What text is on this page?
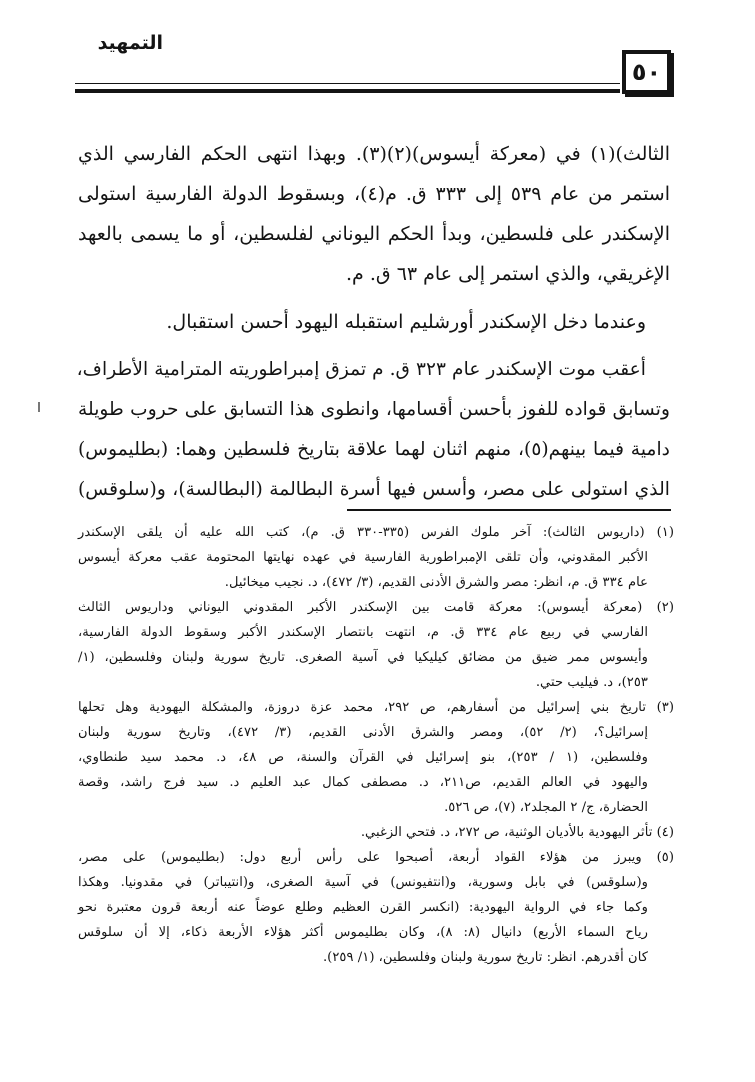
التمهيد
٥٠
الثالث)(١) في (معركة أيسوس)(٢)(٣). وبهذا انتهى الحكم الفارسي الذي
استمر من عام ٥٣٩ إلى ٣٣٣ ق. م(٤)، وبسقوط الدولة الفارسية استولى
الإسكندر على فلسطين، وبدأ الحكم اليوناني لفلسطين، أو ما يسمى بالعهد
الإغريقي، والذي استمر إلى عام ٦٣ ق. م.
وعندما دخل الإسكندر أورشليم استقبله اليهود أحسن استقبال.
أعقب موت الإسكندر عام ٣٢٣ ق. م تمزق إمبراطوريته المترامية الأطراف،
وتسابق قواده للفوز بأحسن أقسامها، وانطوى هذا التسابق على حروب طويلة
دامية فيما بينهم(٥)، منهم اثنان لهما علاقة بتاريخ فلسطين وهما: (بطليموس)
الذي استولى على مصر، وأسس فيها أسرة البطالمة (البطالسة)، و(سلوقس)
(١) (داريوس الثالث): آخر ملوك الفرس (٣٣٥-٣٣٠ ق. م)، كتب الله عليه أن يلقى الإسكندر
الأكبر المقدوني، وأن تلقى الإمبراطورية الفارسية في عهده نهايتها المحتومة عقب معركة أيسوس
عام ٣٣٤ ق. م، انظر: مصر والشرق الأدنى القديم، (٣/ ٤٧٢)، د. نجيب ميخائيل.
(٢) (معركة أيسوس): معركة قامت بين الإسكندر الأكبر المقدوني اليوناني وداريوس الثالث
الفارسي في ربيع عام ٣٣٤ ق. م، انتهت بانتصار الإسكندر الأكبر وسقوط الدولة الفارسية،
وأيسوس ممر ضيق من مضائق كيليكيا في آسية الصغرى. تاريخ سورية ولبنان وفلسطين، (١/
٢٥٣)، د. فيليب حتي.
(٣) تاريخ بني إسرائيل من أسفارهم، ص ٢٩٢، محمد عزة دروزة، والمشكلة اليهودية وهل تحلها
إسرائيل؟، (٢/ ٥٢)، ومصر والشرق الأدنى القديم، (٣/ ٤٧٢)، وتاريخ سورية ولبنان
وفلسطين، (١ / ٢٥٣)، بنو إسرائيل في القرآن والسنة، ص ٤٨، د. محمد سيد طنطاوي،
واليهود في العالم القديم، ص٢١١، د. مصطفى كمال عبد العليم د. سيد فرج راشد، وقصة
الحضارة، ج/ ٢ المجلد٢، (٧)، ص ٥٢٦.
(٤) تأثر اليهودية بالأديان الوثنية، ص ٢٧٢، د. فتحي الزغبي.
(٥) ويبرز من هؤلاء القواد أربعة، أصبحوا على رأس أربع دول: (بطليموس) على مصر،
و(سلوقس) في بابل وسورية، و(انتفيونس) في آسية الصغرى، و(انتيباتر) في مقدونيا. وهكذا
وكما جاء في الرواية اليهودية: (انكسر القرن العظيم وطلع عوضاً عنه أربعة قرون معتبرة نحو
رياح السماء الأربع) دانيال (٨: ٨)، وكان بطليموس أكثر هؤلاء الأربعة ذكاء، إلا أن سلوقس
كان أقدرهم. انظر: تاريخ سورية ولبنان وفلسطين، (١/ ٢٥٩).
